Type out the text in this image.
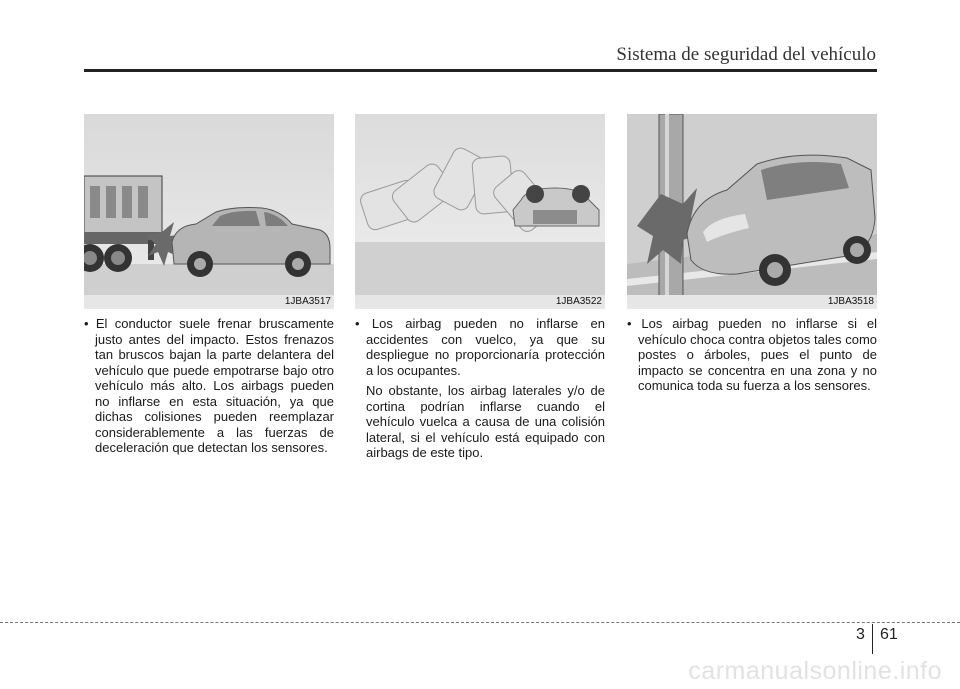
Sistema de seguridad del vehículo
1JBA3517	1JBA3522	1JBA3518

• El conductor suele frenar bruscamente justo antes del impacto. Estos frenazos tan bruscos bajan la parte delantera del vehículo que puede empotrarse bajo otro vehículo más alto. Los airbags pueden no inflarse en esta situación, ya que dichas colisiones pueden reemplazar considerablemente a las fuerzas de deceleración que detectan los sensores.

• Los airbag pueden no inflarse en accidentes con vuelco, ya que su despliegue no proporcionaría protección a los ocupantes.

No obstante, los airbag laterales y/o de cortina podrían inflarse cuando el vehículo vuelca a causa de una colisión lateral, si el vehículo está equipado con airbags de este tipo.

• Los airbag pueden no inflarse si el vehículo choca contra objetos tales como postes o árboles, pues el punto de impacto se concentra en una zona y no comunica toda su fuerza a los sensores.

3 61
carmanualsonline.info
